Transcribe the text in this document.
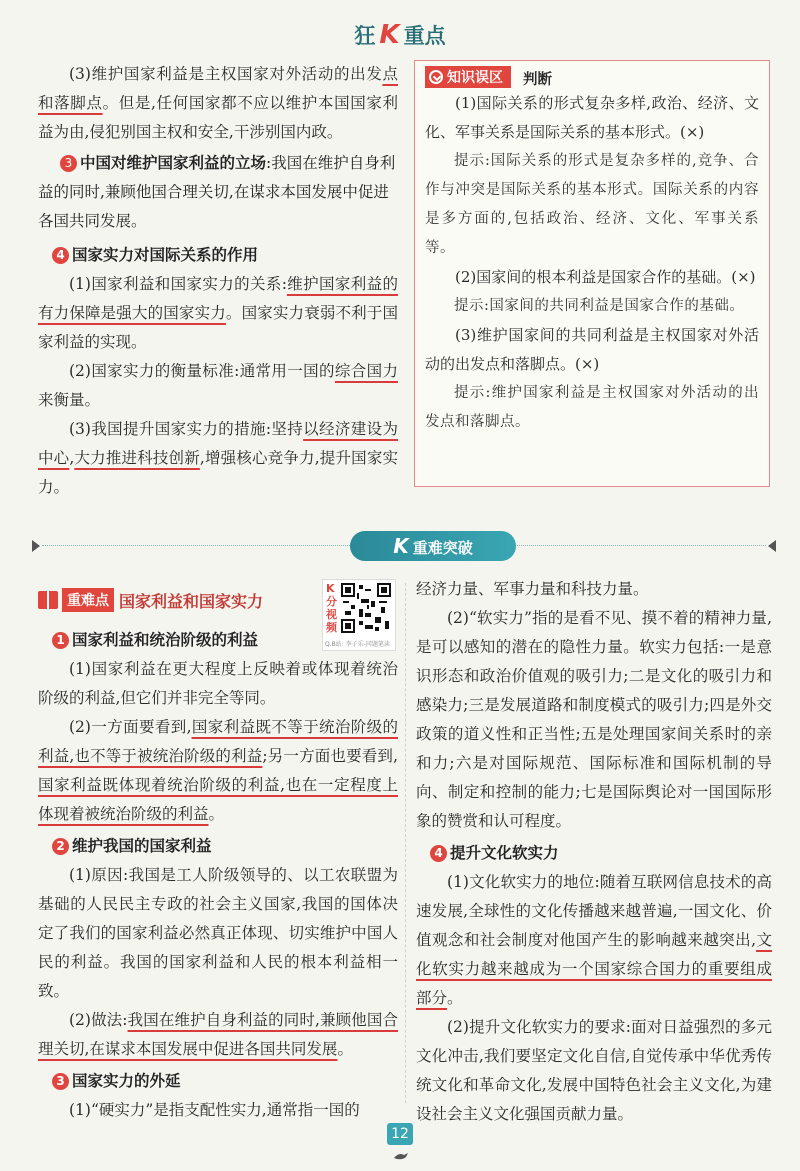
狂 K 重点

(3)维护国家利益是主权国家对外活动的出发点和落脚点。但是,任何国家都不应以维护本国国家利益为由,侵犯别国主权和安全,干涉别国内政。

3 中国对维护国家利益的立场:我国在维护自身利益的同时,兼顾他国合理关切,在谋求本国发展中促进各国共同发展。
4 国家实力对国际关系的作用

(1)国家利益和国家实力的关系:维护国家利益的有力保障是强大的国家实力。国家实力衰弱不利于国家利益的实现。

(2)国家实力的衡量标准:通常用一国的综合国力来衡量。

(3)我国提升国家实力的措施:坚持以经济建设为中心,大力推进科技创新,增强核心竞争力,提升国家实力。

知识误区 判断

(1)国际关系的形式复杂多样,政治、经济、文化、军事关系是国际关系的基本形式。(×)

提示:国际关系的形式是复杂多样的,竞争、合作与冲突是国际关系的基本形式。国际关系的内容是多方面的,包括政治、经济、文化、军事关系等。

(2)国家间的根本利益是国家合作的基础。(×)

提示:国家间的共同利益是国家合作的基础。

(3)维护国家间的共同利益是主权国家对外活动的出发点和落脚点。(×)

提示:维护国家利益是主权国家对外活动的出发点和落脚点。

K 重难突破
重难点 国家利益和国家实力
K分视频
Q.B站: 李子乐-同题笔读
1 国家利益和统治阶级的利益

(1)国家利益在更大程度上反映着或体现着统治阶级的利益,但它们并非完全等同。

(2)一方面要看到,国家利益既不等于统治阶级的利益,也不等于被统治阶级的利益;另一方面也要看到,国家利益既体现着统治阶级的利益,也在一定程度上体现着被统治阶级的利益。

2 维护我国的国家利益

(1)原因:我国是工人阶级领导的、以工农联盟为基础的人民民主专政的社会主义国家,我国的国体决定了我们的国家利益必然真正体现、切实维护中国人民的利益。我国的国家利益和人民的根本利益相一致。

(2)做法:我国在维护自身利益的同时,兼顾他国合理关切,在谋求本国发展中促进各国共同发展。

3 国家实力的外延

(1)“硬实力”是指支配性实力,通常指一国的

经济力量、军事力量和科技力量。

(2)“软实力”指的是看不见、摸不着的精神力量,是可以感知的潜在的隐性力量。软实力包括:一是意识形态和政治价值观的吸引力;二是文化的吸引力和感染力;三是发展道路和制度模式的吸引力;四是外交政策的道义性和正当性;五是处理国家间关系时的亲和力;六是对国际规范、国际标准和国际机制的导向、制定和控制的能力;七是国际舆论对一国国际形象的赞赏和认可程度。

4 提升文化软实力

(1)文化软实力的地位:随着互联网信息技术的高速发展,全球性的文化传播越来越普遍,一国文化、价值观念和社会制度对他国产生的影响越来越突出,文化软实力越来越成为一个国家综合国力的重要组成部分。

(2)提升文化软实力的要求:面对日益强烈的多元文化冲击,我们要坚定文化自信,自觉传承中华优秀传统文化和革命文化,发展中国特色社会主义文化,为建设社会主义文化强国贡献力量。

12
